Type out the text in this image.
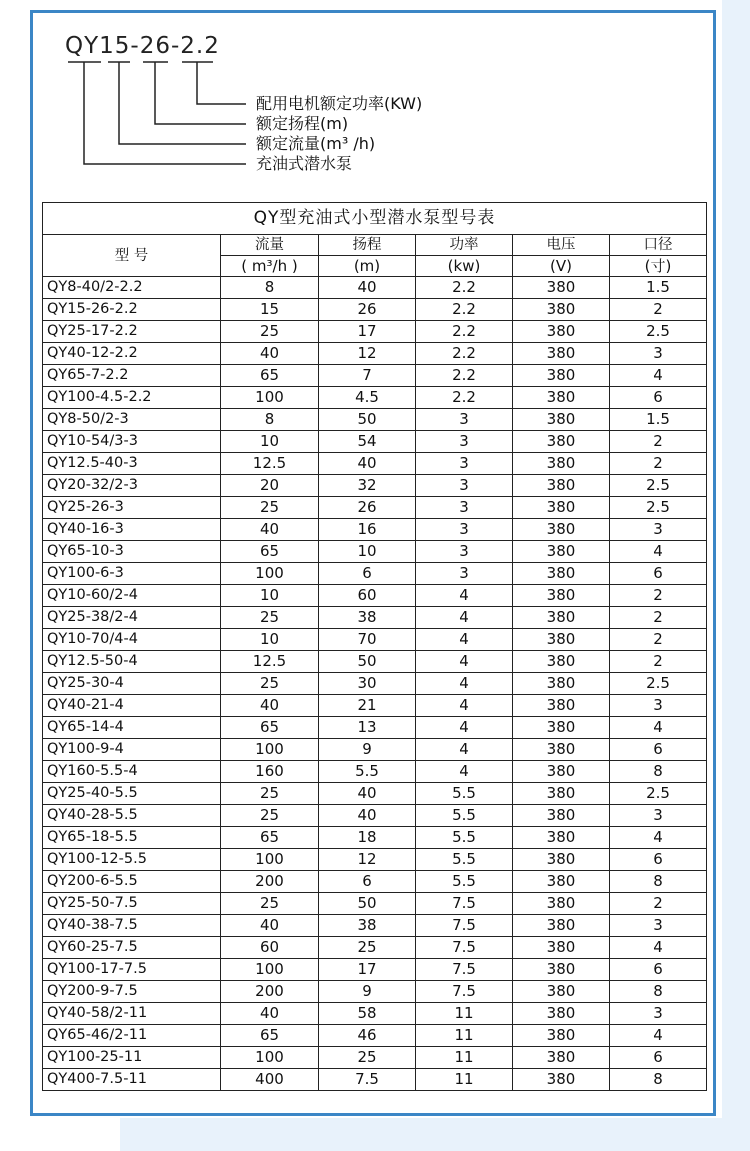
QY15-26-2.2
配用电机额定功率(KW)
额定扬程(m)
额定流量(m³ /h)
充油式潜水泵
QY型充油式小型潜水泵型号表					
型 号	流量	扬程	功率	电压	口径
	( m³/h )	(m)	(kw)	(V)	(寸)
QY8-40/2-2.2	8	40	2.2	380	1.5
QY15-26-2.2	15	26	2.2	380	2
QY25-17-2.2	25	17	2.2	380	2.5
QY40-12-2.2	40	12	2.2	380	3
QY65-7-2.2	65	7	2.2	380	4
QY100-4.5-2.2	100	4.5	2.2	380	6
QY8-50/2-3	8	50	3	380	1.5
QY10-54/3-3	10	54	3	380	2
QY12.5-40-3	12.5	40	3	380	2
QY20-32/2-3	20	32	3	380	2.5
QY25-26-3	25	26	3	380	2.5
QY40-16-3	40	16	3	380	3
QY65-10-3	65	10	3	380	4
QY100-6-3	100	6	3	380	6
QY10-60/2-4	10	60	4	380	2
QY25-38/2-4	25	38	4	380	2
QY10-70/4-4	10	70	4	380	2
QY12.5-50-4	12.5	50	4	380	2
QY25-30-4	25	30	4	380	2.5
QY40-21-4	40	21	4	380	3
QY65-14-4	65	13	4	380	4
QY100-9-4	100	9	4	380	6
QY160-5.5-4	160	5.5	4	380	8
QY25-40-5.5	25	40	5.5	380	2.5
QY40-28-5.5	25	40	5.5	380	3
QY65-18-5.5	65	18	5.5	380	4
QY100-12-5.5	100	12	5.5	380	6
QY200-6-5.5	200	6	5.5	380	8
QY25-50-7.5	25	50	7.5	380	2
QY40-38-7.5	40	38	7.5	380	3
QY60-25-7.5	60	25	7.5	380	4
QY100-17-7.5	100	17	7.5	380	6
QY200-9-7.5	200	9	7.5	380	8
QY40-58/2-11	40	58	11	380	3
QY65-46/2-11	65	46	11	380	4
QY100-25-11	100	25	11	380	6
QY400-7.5-11	400	7.5	11	380	8
